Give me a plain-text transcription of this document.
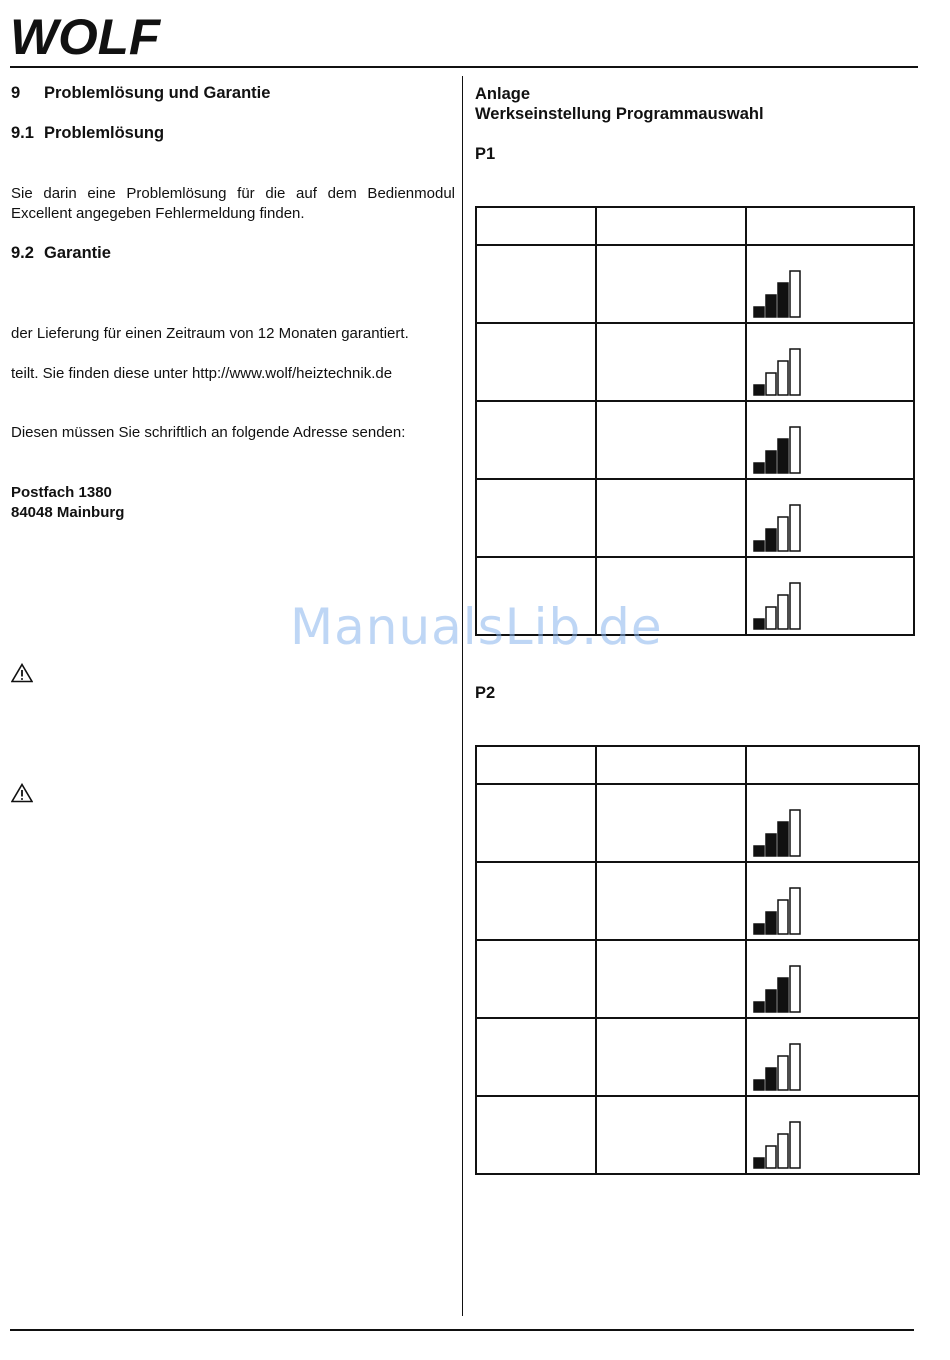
WOLF
9 Problemlösung und Garantie
9.1 Problemlösung
Sie darin eine Problemlösung für die auf dem Bedienmodul Excellent angegeben Fehlermeldung finden.
9.2 Garantie
der Lieferung für einen Zeitraum von 12 Monaten garantiert.
teilt. Sie finden diese unter http://www.wolf/heiztechnik.de
Diesen müssen Sie schriftlich an folgende Adresse senden:
Postfach 1380
84048 Mainburg
Anlage
Werkseinstellung Programmauswahl
P1

P2

ManualsLib.de
